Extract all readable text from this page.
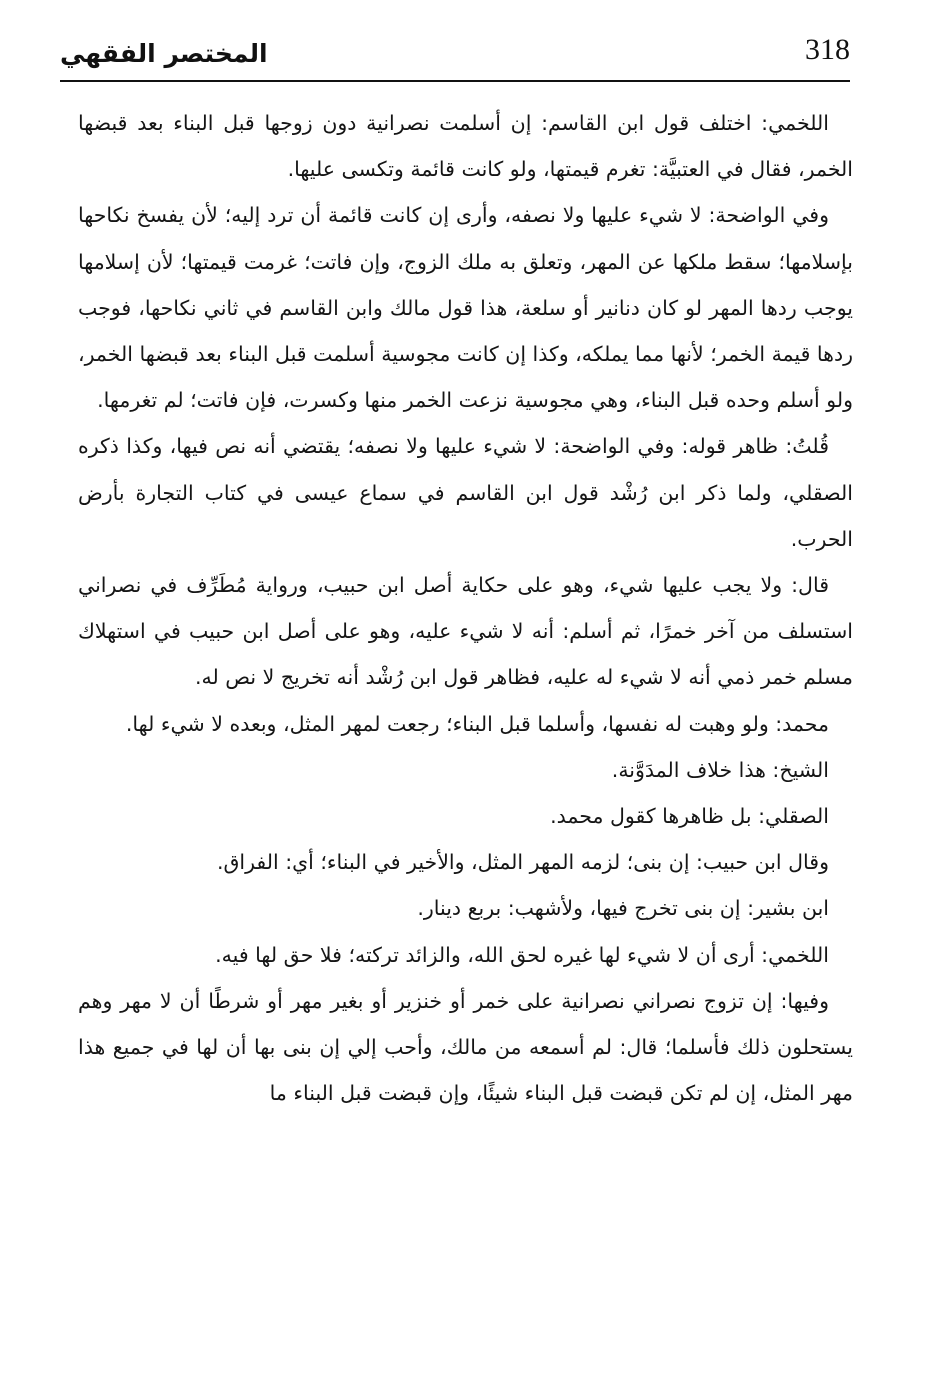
318
المختصر الفقهي

اللخمي: اختلف قول ابن القاسم: إن أسلمت نصرانية دون زوجها قبل البناء بعد قبضها الخمر، فقال في العتبيَّة: تغرم قيمتها، ولو كانت قائمة وتكسى عليها.

وفي الواضحة: لا شيء عليها ولا نصفه، وأرى إن كانت قائمة أن ترد إليه؛ لأن يفسخ نكاحها بإسلامها؛ سقط ملكها عن المهر، وتعلق به ملك الزوج، وإن فاتت؛ غرمت قيمتها؛ لأن إسلامها يوجب ردها المهر لو كان دنانير أو سلعة، هذا قول مالك وابن القاسم في ثاني نكاحها، فوجب ردها قيمة الخمر؛ لأنها مما يملكه، وكذا إن كانت مجوسية أسلمت قبل البناء بعد قبضها الخمر، ولو أسلم وحده قبل البناء، وهي مجوسية نزعت الخمر منها وكسرت، فإن فاتت؛ لم تغرمها.

قُلتُ: ظاهر قوله: وفي الواضحة: لا شيء عليها ولا نصفه؛ يقتضي أنه نص فيها، وكذا ذكره الصقلي، ولما ذكر ابن رُشْد قول ابن القاسم في سماع عيسى في كتاب التجارة بأرض الحرب.

قال: ولا يجب عليها شيء، وهو على حكاية أصل ابن حبيب، ورواية مُطَرِّف في نصراني استسلف من آخر خمرًا، ثم أسلم: أنه لا شيء عليه، وهو على أصل ابن حبيب في استهلاك مسلم خمر ذمي أنه لا شيء له عليه، فظاهر قول ابن رُشْد أنه تخريج لا نص له.

محمد: ولو وهبت له نفسها، وأسلما قبل البناء؛ رجعت لمهر المثل، وبعده لا شيء لها.

الشيخ: هذا خلاف المدَوَّنة.

الصقلي: بل ظاهرها كقول محمد.

وقال ابن حبيب: إن بنى؛ لزمه المهر المثل، والأخير في البناء؛ أي: الفراق.

ابن بشير: إن بنى تخرج فيها، ولأشهب: بربع دينار.

اللخمي: أرى أن لا شيء لها غيره لحق الله، والزائد تركته؛ فلا حق لها فيه.

وفيها: إن تزوج نصراني نصرانية على خمر أو خنزير أو بغير مهر أو شرطًا أن لا مهر وهم يستحلون ذلك فأسلما؛ قال: لم أسمعه من مالك، وأحب إلي إن بنى بها أن لها في جميع هذا مهر المثل، إن لم تكن قبضت قبل البناء شيئًا، وإن قبضت قبل البناء ما
